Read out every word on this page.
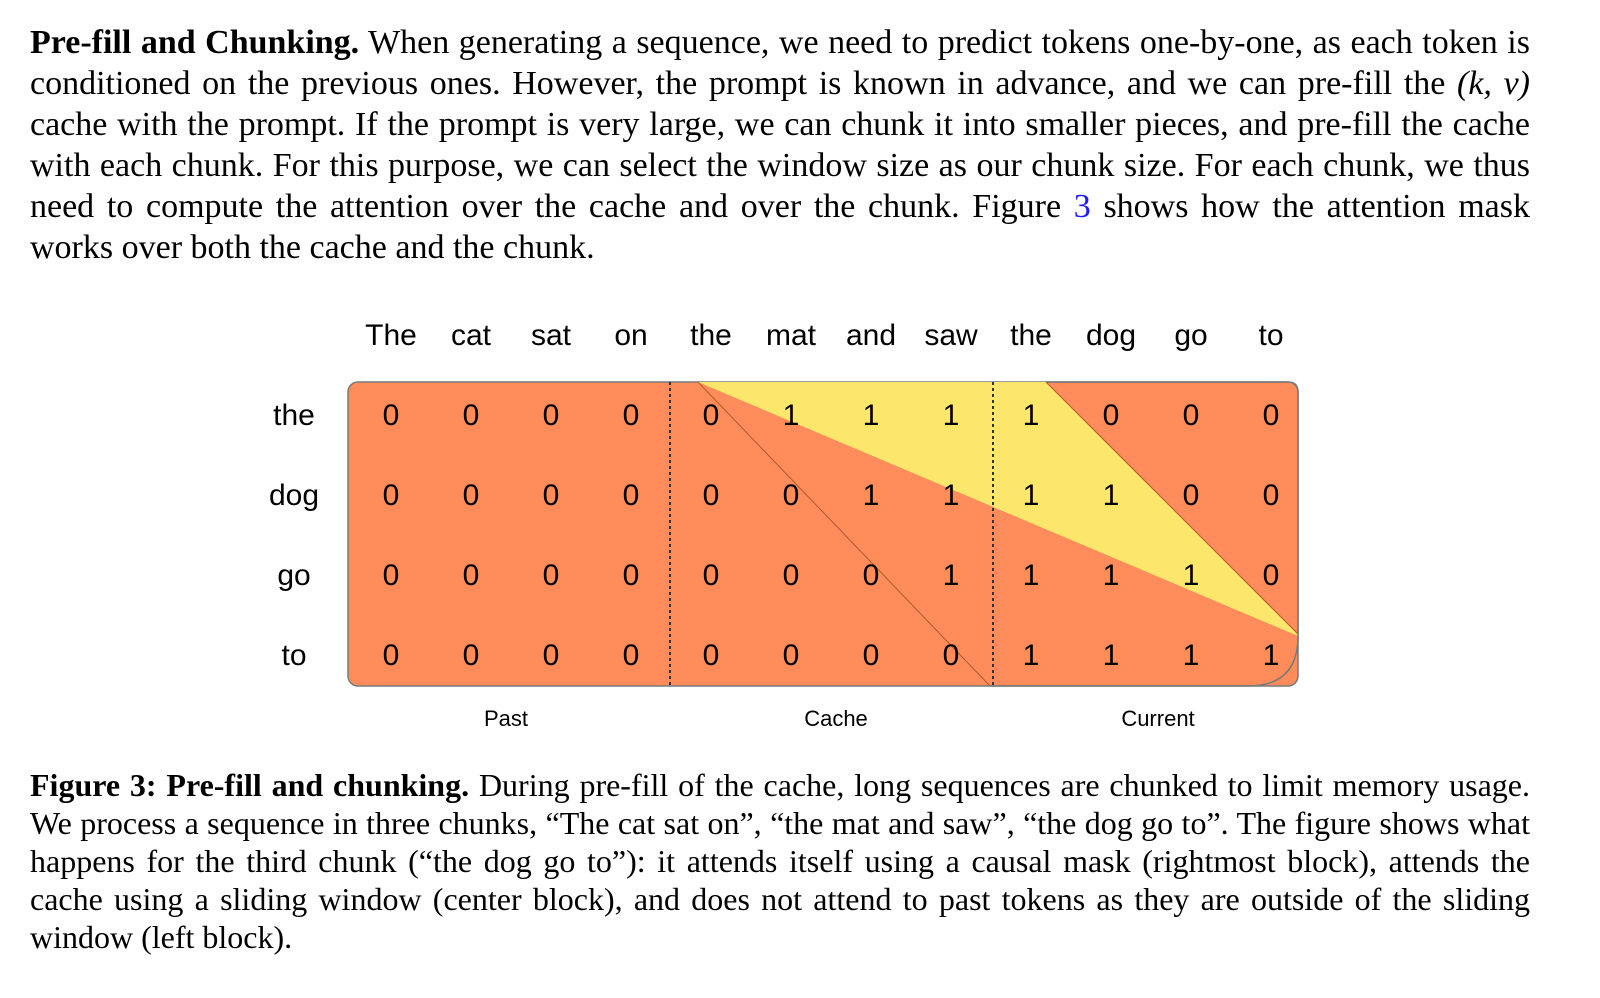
Pre-fill and Chunking. When generating a sequence, we need to predict tokens one-by-one, as each token is conditioned on the previous ones. However, the prompt is known in advance, and we can pre-fill the (k, v) cache with the prompt. If the prompt is very large, we can chunk it into smaller pieces, and pre-fill the cache with each chunk. For this purpose, we can select the window size as our chunk size. For each chunk, we thus need to compute the attention over the cache and over the chunk. Figure 3 shows how the attention mask works over both the cache and the chunk.

The cat sat on the mat and saw the dog go to
the
dog
go
to
0 0 0 0 0 1 1 1 1 0 0 0
0 0 0 0 0 0 1 1 1 1 0 0
0 0 0 0 0 0 0 1 1 1 1 0
0 0 0 0 0 0 0 0 1 1 1 1
Past	Cache	Current

Figure 3: Pre-fill and chunking. During pre-fill of the cache, long sequences are chunked to limit memory usage. We process a sequence in three chunks, “The cat sat on”, “the mat and saw”, “the dog go to”. The figure shows what happens for the third chunk (“the dog go to”): it attends itself using a causal mask (rightmost block), attends the cache using a sliding window (center block), and does not attend to past tokens as they are outside of the sliding window (left block).
